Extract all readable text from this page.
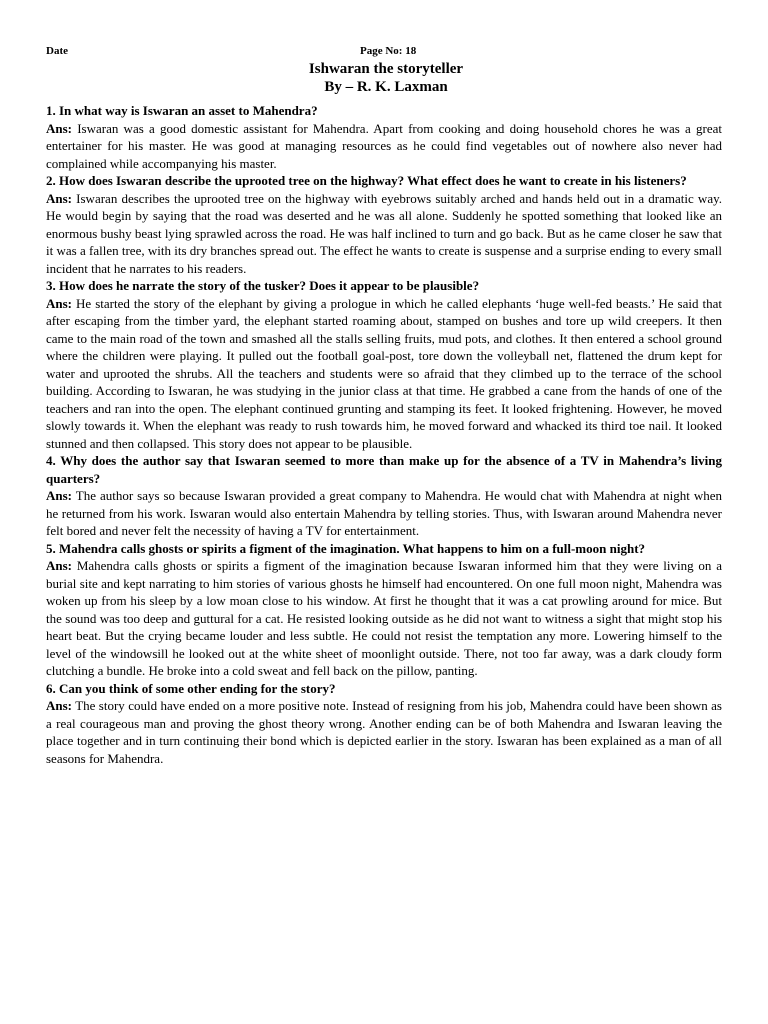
Date	Page No: 18
Ishwaran the storyteller
By – R. K. Laxman

1. In what way is Iswaran an asset to Mahendra?

Ans: Iswaran was a good domestic assistant for Mahendra. Apart from cooking and doing household chores he was a great entertainer for his master. He was good at managing resources as he could find vegetables out of nowhere also never had complained while accompanying his master.

2. How does Iswaran describe the uprooted tree on the highway? What effect does he want to create in his listeners?

Ans: Iswaran describes the uprooted tree on the highway with eyebrows suitably arched and hands held out in a dramatic way. He would begin by saying that the road was deserted and he was all alone. Suddenly he spotted something that looked like an enormous bushy beast lying sprawled across the road. He was half inclined to turn and go back. But as he came closer he saw that it was a fallen tree, with its dry branches spread out. The effect he wants to create is suspense and a surprise ending to every small incident that he narrates to his readers.

3. How does he narrate the story of the tusker? Does it appear to be plausible?

Ans: He started the story of the elephant by giving a prologue in which he called elephants ‘huge well-fed beasts.’ He said that after escaping from the timber yard, the elephant started roaming about, stamped on bushes and tore up wild creepers. It then came to the main road of the town and smashed all the stalls selling fruits, mud pots, and clothes. It then entered a school ground where the children were playing. It pulled out the football goal-post, tore down the volleyball net, flattened the drum kept for water and uprooted the shrubs. All the teachers and students were so afraid that they climbed up to the terrace of the school building. According to Iswaran, he was studying in the junior class at that time. He grabbed a cane from the hands of one of the teachers and ran into the open. The elephant continued grunting and stamping its feet. It looked frightening. However, he moved slowly towards it. When the elephant was ready to rush towards him, he moved forward and whacked its third toe nail. It looked stunned and then collapsed. This story does not appear to be plausible.

4. Why does the author say that Iswaran seemed to more than make up for the absence of a TV in Mahendra’s living quarters?

Ans: The author says so because Iswaran provided a great company to Mahendra. He would chat with Mahendra at night when he returned from his work. Iswaran would also entertain Mahendra by telling stories. Thus, with Iswaran around Mahendra never felt bored and never felt the necessity of having a TV for entertainment.

5. Mahendra calls ghosts or spirits a figment of the imagination. What happens to him on a full-moon night?

Ans: Mahendra calls ghosts or spirits a figment of the imagination because Iswaran informed him that they were living on a burial site and kept narrating to him stories of various ghosts he himself had encountered. On one full moon night, Mahendra was woken up from his sleep by a low moan close to his window. At first he thought that it was a cat prowling around for mice. But the sound was too deep and guttural for a cat. He resisted looking outside as he did not want to witness a sight that might stop his heart beat. But the crying became louder and less subtle. He could not resist the temptation any more. Lowering himself to the level of the windowsill he looked out at the white sheet of moonlight outside. There, not too far away, was a dark cloudy form clutching a bundle. He broke into a cold sweat and fell back on the pillow, panting.

6. Can you think of some other ending for the story?

Ans: The story could have ended on a more positive note. Instead of resigning from his job, Mahendra could have been shown as a real courageous man and proving the ghost theory wrong. Another ending can be of both Mahendra and Iswaran leaving the place together and in turn continuing their bond which is depicted earlier in the story. Iswaran has been explained as a man of all seasons for Mahendra.
